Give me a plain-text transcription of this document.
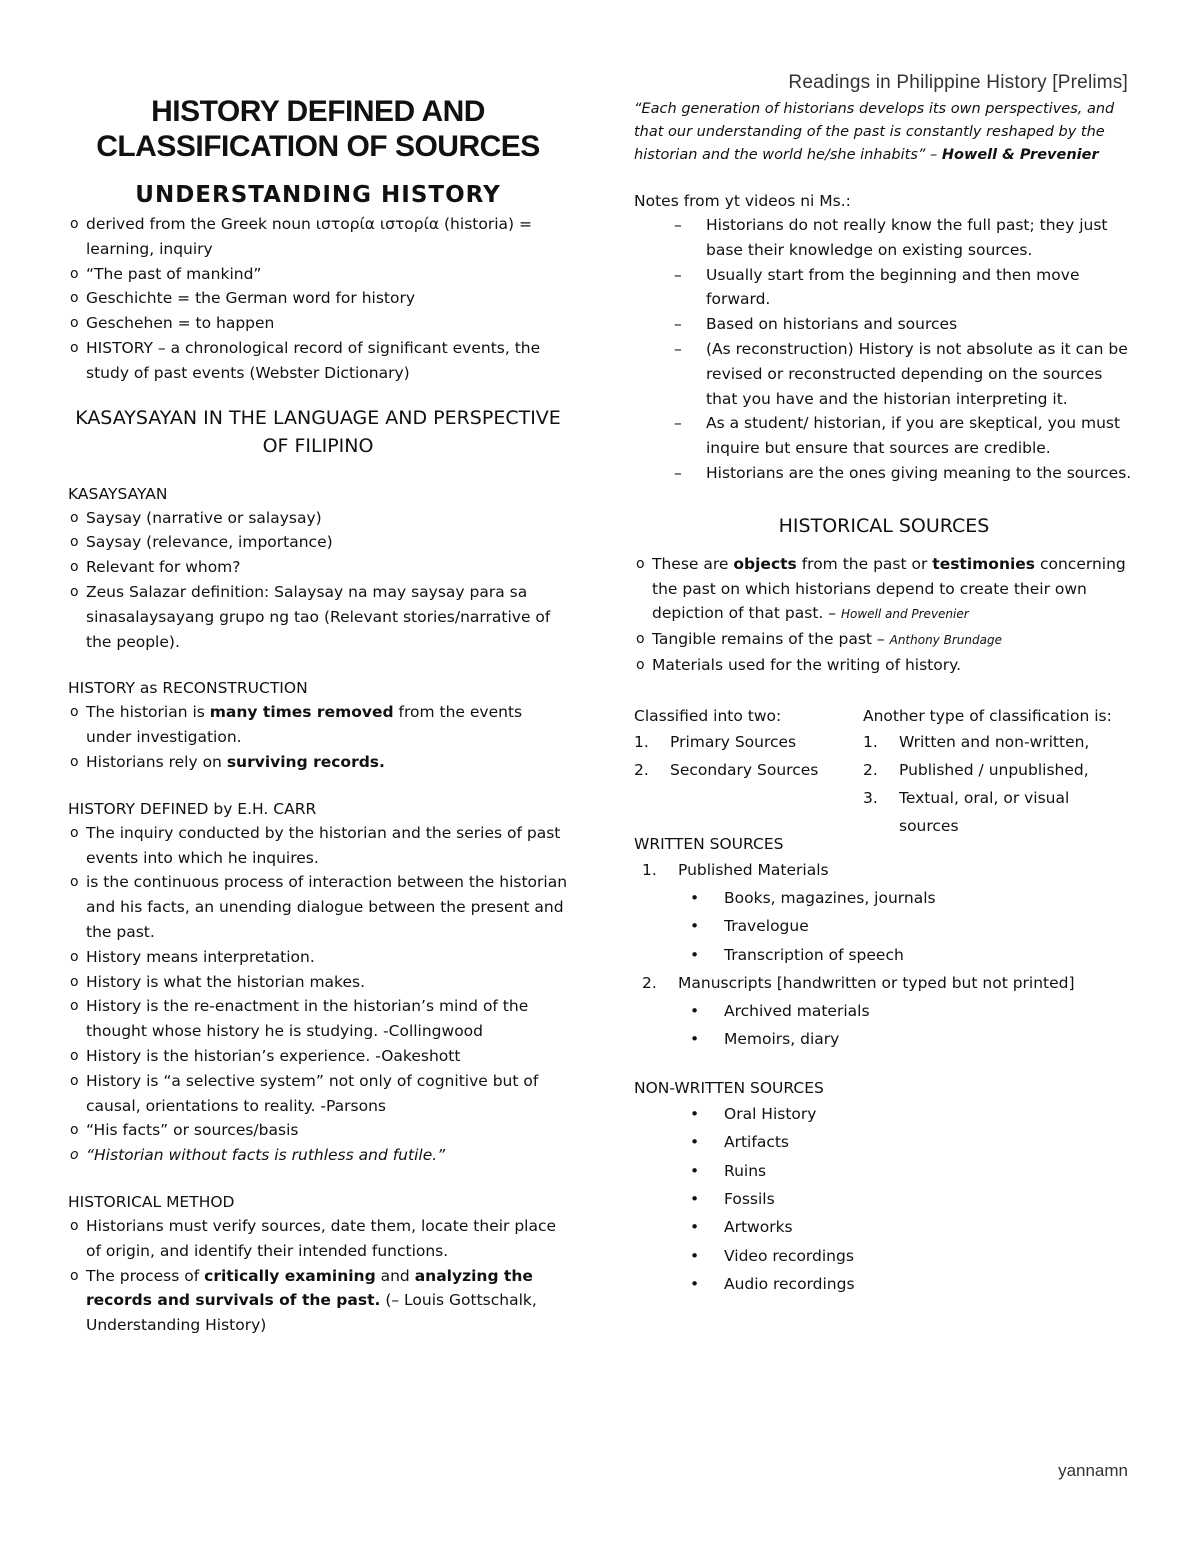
Readings in Philippine History [Prelims]
HISTORY DEFINED AND
CLASSIFICATION OF SOURCES
UNDERSTANDING HISTORY
o derived from the Greek noun ιστορία ιστορία (historia) = learning, inquiry
o “The past of mankind”
o Geschichte = the German word for history
o Geschehen = to happen
o HISTORY – a chronological record of significant events, the study of past events (Webster Dictionary)
KASAYSAYAN IN THE LANGUAGE AND PERSPECTIVE
OF FILIPINO

KASAYSAYAN

o Saysay (narrative or salaysay)
o Saysay (relevance, importance)
o Relevant for whom?
o Zeus Salazar definition: Salaysay na may saysay para sa sinasalaysayang grupo ng tao (Relevant stories/narrative of the people).

HISTORY as RECONSTRUCTION

o The historian is many times removed from the events under investigation.
o Historians rely on surviving records.

HISTORY DEFINED by E.H. CARR

o The inquiry conducted by the historian and the series of past events into which he inquires.
o is the continuous process of interaction between the historian and his facts, an unending dialogue between the present and the past.
o History means interpretation.
o History is what the historian makes.
o History is the re-enactment in the historian’s mind of the thought whose history he is studying. -Collingwood
o History is the historian’s experience. -Oakeshott
o History is “a selective system” not only of cognitive but of causal, orientations to reality. -Parsons
o “His facts” or sources/basis
o “Historian without facts is ruthless and futile.”

HISTORICAL METHOD

o Historians must verify sources, date them, locate their place of origin, and identify their intended functions.
o The process of critically examining and analyzing the records and survivals of the past. (– Louis Gottschalk, Understanding History)

“Each generation of historians develops its own perspectives, and that our understanding of the past is constantly reshaped by the historian and the world he/she inhabits” – Howell & Prevenier

Notes from yt videos ni Ms.:

– Historians do not really know the full past; they just base their knowledge on existing sources.
– Usually start from the beginning and then move forward.
– Based on historians and sources
– (As reconstruction) History is not absolute as it can be revised or reconstructed depending on the sources that you have and the historian interpreting it.
– As a student/ historian, if you are skeptical, you must inquire but ensure that sources are credible.
– Historians are the ones giving meaning to the sources.
HISTORICAL SOURCES
o These are objects from the past or testimonies concerning the past on which historians depend to create their own depiction of that past. – Howell and Prevenier
o Tangible remains of the past – Anthony Brundage
o Materials used for the writing of history.

Classified into two:

1.	Primary Sources
2.	Secondary Sources

Another type of classification is:

1.	Written and non-written,
2.	Published / unpublished,
3.	Textual, oral, or visual sources

WRITTEN SOURCES

1.	Published Materials
• Books, magazines, journals
• Travelogue
• Transcription of speech
2.	Manuscripts [handwritten or typed but not printed]
• Archived materials
• Memoirs, diary

NON-WRITTEN SOURCES

• Oral History
• Artifacts
• Ruins
• Fossils
• Artworks
• Video recordings
• Audio recordings
yannamn
